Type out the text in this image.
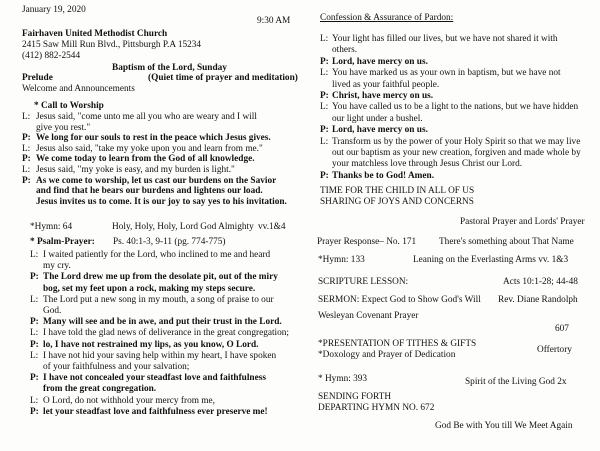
January 19, 2020
9:30 AM
Fairhaven United Methodist Church
2415 Saw Mill Run Blvd., Pittsburgh P.A 15234
(412) 882-2544
Baptism of the Lord, Sunday
Prelude	(Quiet time of prayer and meditation)
Welcome and Announcements
* Call to Worship
L: Jesus said, "come unto me all you who are weary and I will
give you rest."
P: We long for our souls to rest in the peace which Jesus gives.
L: Jesus also said, "take my yoke upon you and learn from me."
P: We come today to learn from the God of all knowledge.
L: Jesus said, "my yoke is easy, and my burden is light."
P: As we come to worship, let us cast our burdens on the Savior
and find that he bears our burdens and lightens our load.
Jesus invites us to come. It is our joy to say yes to his invitation.
*Hymn: 64	Holy, Holy, Holy, Lord God Almighty vv.1&4
* Psalm-Prayer: Ps. 40:1-3, 9-11 (pg. 774-775)
L: I waited patiently for the Lord, who inclined to me and heard
my cry.
P: The Lord drew me up from the desolate pit, out of the miry
bog, set my feet upon a rock, making my steps secure.
L: The Lord put a new song in my mouth, a song of praise to our
God.
P: Many will see and be in awe, and put their trust in the Lord.
L: I have told the glad news of deliverance in the great congregation;
P: lo, I have not restrained my lips, as you know, O Lord.
L: I have not hid your saving help within my heart, I have spoken
of your faithfulness and your salvation;
P: I have not concealed your steadfast love and faithfulness
from the great congregation.
L: O Lord, do not withhold your mercy from me,
P: let your steadfast love and faithfulness ever preserve me!
Confession & Assurance of Pardon:
L: Your light has filled our lives, but we have not shared it with
others.
P: Lord, have mercy on us.
L: You have marked us as your own in baptism, but we have not
lived as your faithful people.
P: Christ, have mercy on us.
L: You have called us to be a light to the nations, but we have hidden
our light under a bushel.
P: Lord, have mercy on us.
L: Transform us by the power of your Holy Spirit so that we may live
out our baptism as your new creation, forgiven and made whole by
your matchless love through Jesus Christ our Lord.
P: Thanks be to God! Amen.
TIME FOR THE CHILD IN ALL OF US
SHARING OF JOYS AND CONCERNS
Pastoral Prayer and Lords' Prayer
Prayer Response– No. 171 There's something about That Name
*Hymn: 133	Leaning on the Everlasting Arms vv. 1&3
SCRIPTURE LESSON:	Acts 10:1-28; 44-48
SERMON: Expect God to Show God's Will Rev. Diane Randolph
Wesleyan Covenant Prayer
607
*PRESENTATION OF TITHES & GIFTS
Offertory
*Doxology and Prayer of Dedication
* Hymn: 393	Spirit of the Living God 2x
SENDING FORTH
DEPARTING HYMN NO. 672
God Be with You till We Meet Again
